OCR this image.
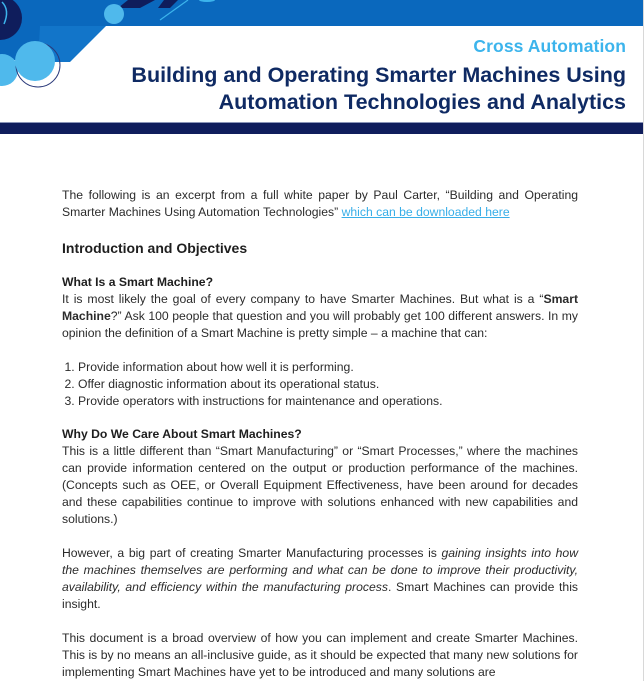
Cross Automation
Building and Operating Smarter Machines Using Automation Technologies and Analytics

The following is an excerpt from a full white paper by Paul Carter, “Building and Operating Smarter Machines Using Automation Technologies” which can be downloaded here

Introduction and Objectives
What Is a Smart Machine?

It is most likely the goal of every company to have Smarter Machines. But what is a “Smart Machine?” Ask 100 people that question and you will probably get 100 different answers. In my opinion the definition of a Smart Machine is pretty simple – a machine that can:

1. Provide information about how well it is performing.
2. Offer diagnostic information about its operational status.
3. Provide operators with instructions for maintenance and operations.
Why Do We Care About Smart Machines?

This is a little different than “Smart Manufacturing” or “Smart Processes,” where the machines can provide information centered on the output or production performance of the machines. (Concepts such as OEE, or Overall Equipment Effectiveness, have been around for decades and these capabilities continue to improve with solutions enhanced with new capabilities and solutions.)

However, a big part of creating Smarter Manufacturing processes is gaining insights into how the machines themselves are performing and what can be done to improve their productivity, availability, and efficiency within the manufacturing process. Smart Machines can provide this insight.

This document is a broad overview of how you can implement and create Smarter Machines. This is by no means an all-inclusive guide, as it should be expected that many new solutions for implementing Smart Machines have yet to be introduced and many solutions are
